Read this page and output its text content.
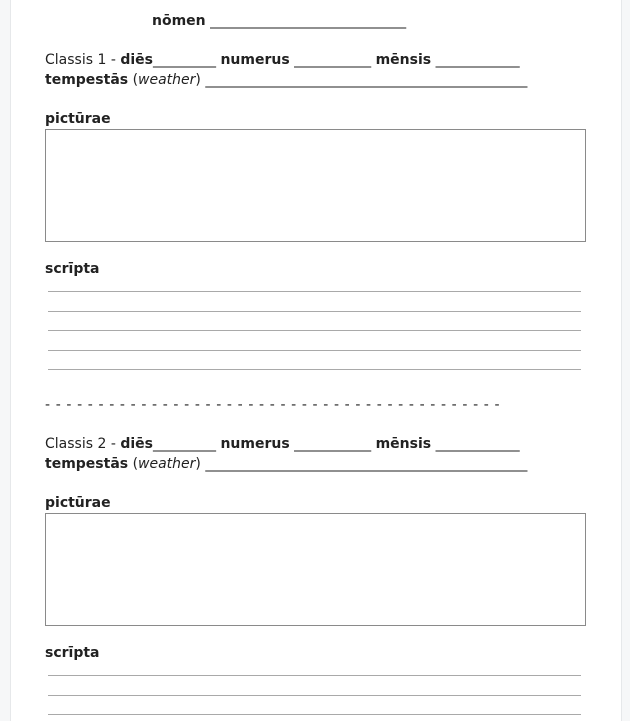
nōmen ____________________________
Classis 1 - diēs_________ numerus ___________ mēnsis ____________
tempestās (weather) ______________________________________________
pictūrae
scrīpta
- - - - - - - - - - - - - - - - - - - - - - - - - - - - - - - - - - - - - - - - - - -
Classis 2 - diēs_________ numerus ___________ mēnsis ____________
tempestās (weather) ______________________________________________
pictūrae
scrīpta
